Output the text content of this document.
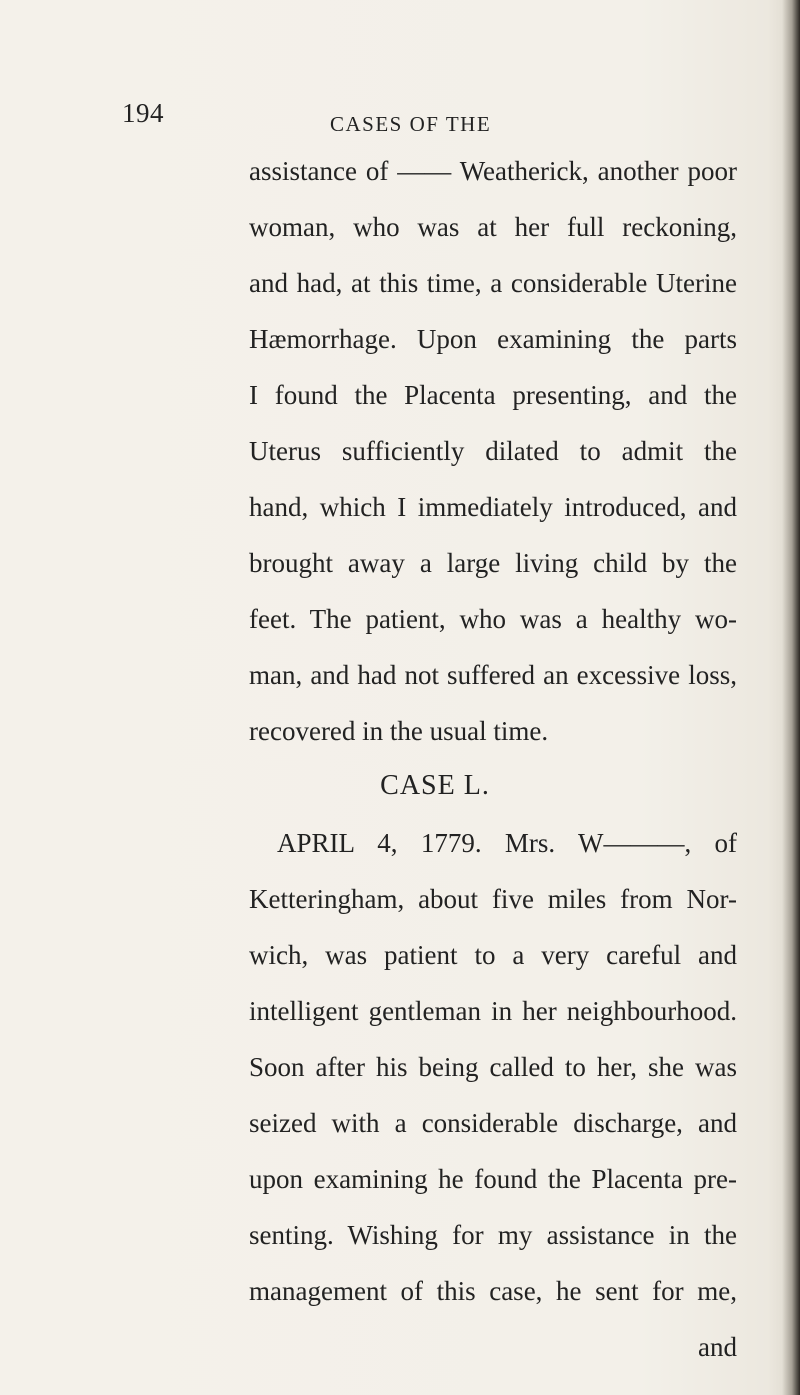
194	CASES OF THE
assistance of —— Weatherick, another poor
woman, who was at her full reckoning,
and had, at this time, a considerable Uterine
Hæmorrhage. Upon examining the parts
I found the Placenta presenting, and the
Uterus sufficiently dilated to admit the
hand, which I immediately introduced, and
brought away a large living child by the
feet. The patient, who was a healthy wo-
man, and had not suffered an excessive loss,
recovered in the usual time.
CASE L.
APRIL 4, 1779. Mrs. W———, of
Ketteringham, about five miles from Nor-
wich, was patient to a very careful and
intelligent gentleman in her neighbourhood.
Soon after his being called to her, she was
seized with a considerable discharge, and
upon examining he found the Placenta pre-
senting. Wishing for my assistance in the
management of this case, he sent for me,
and
